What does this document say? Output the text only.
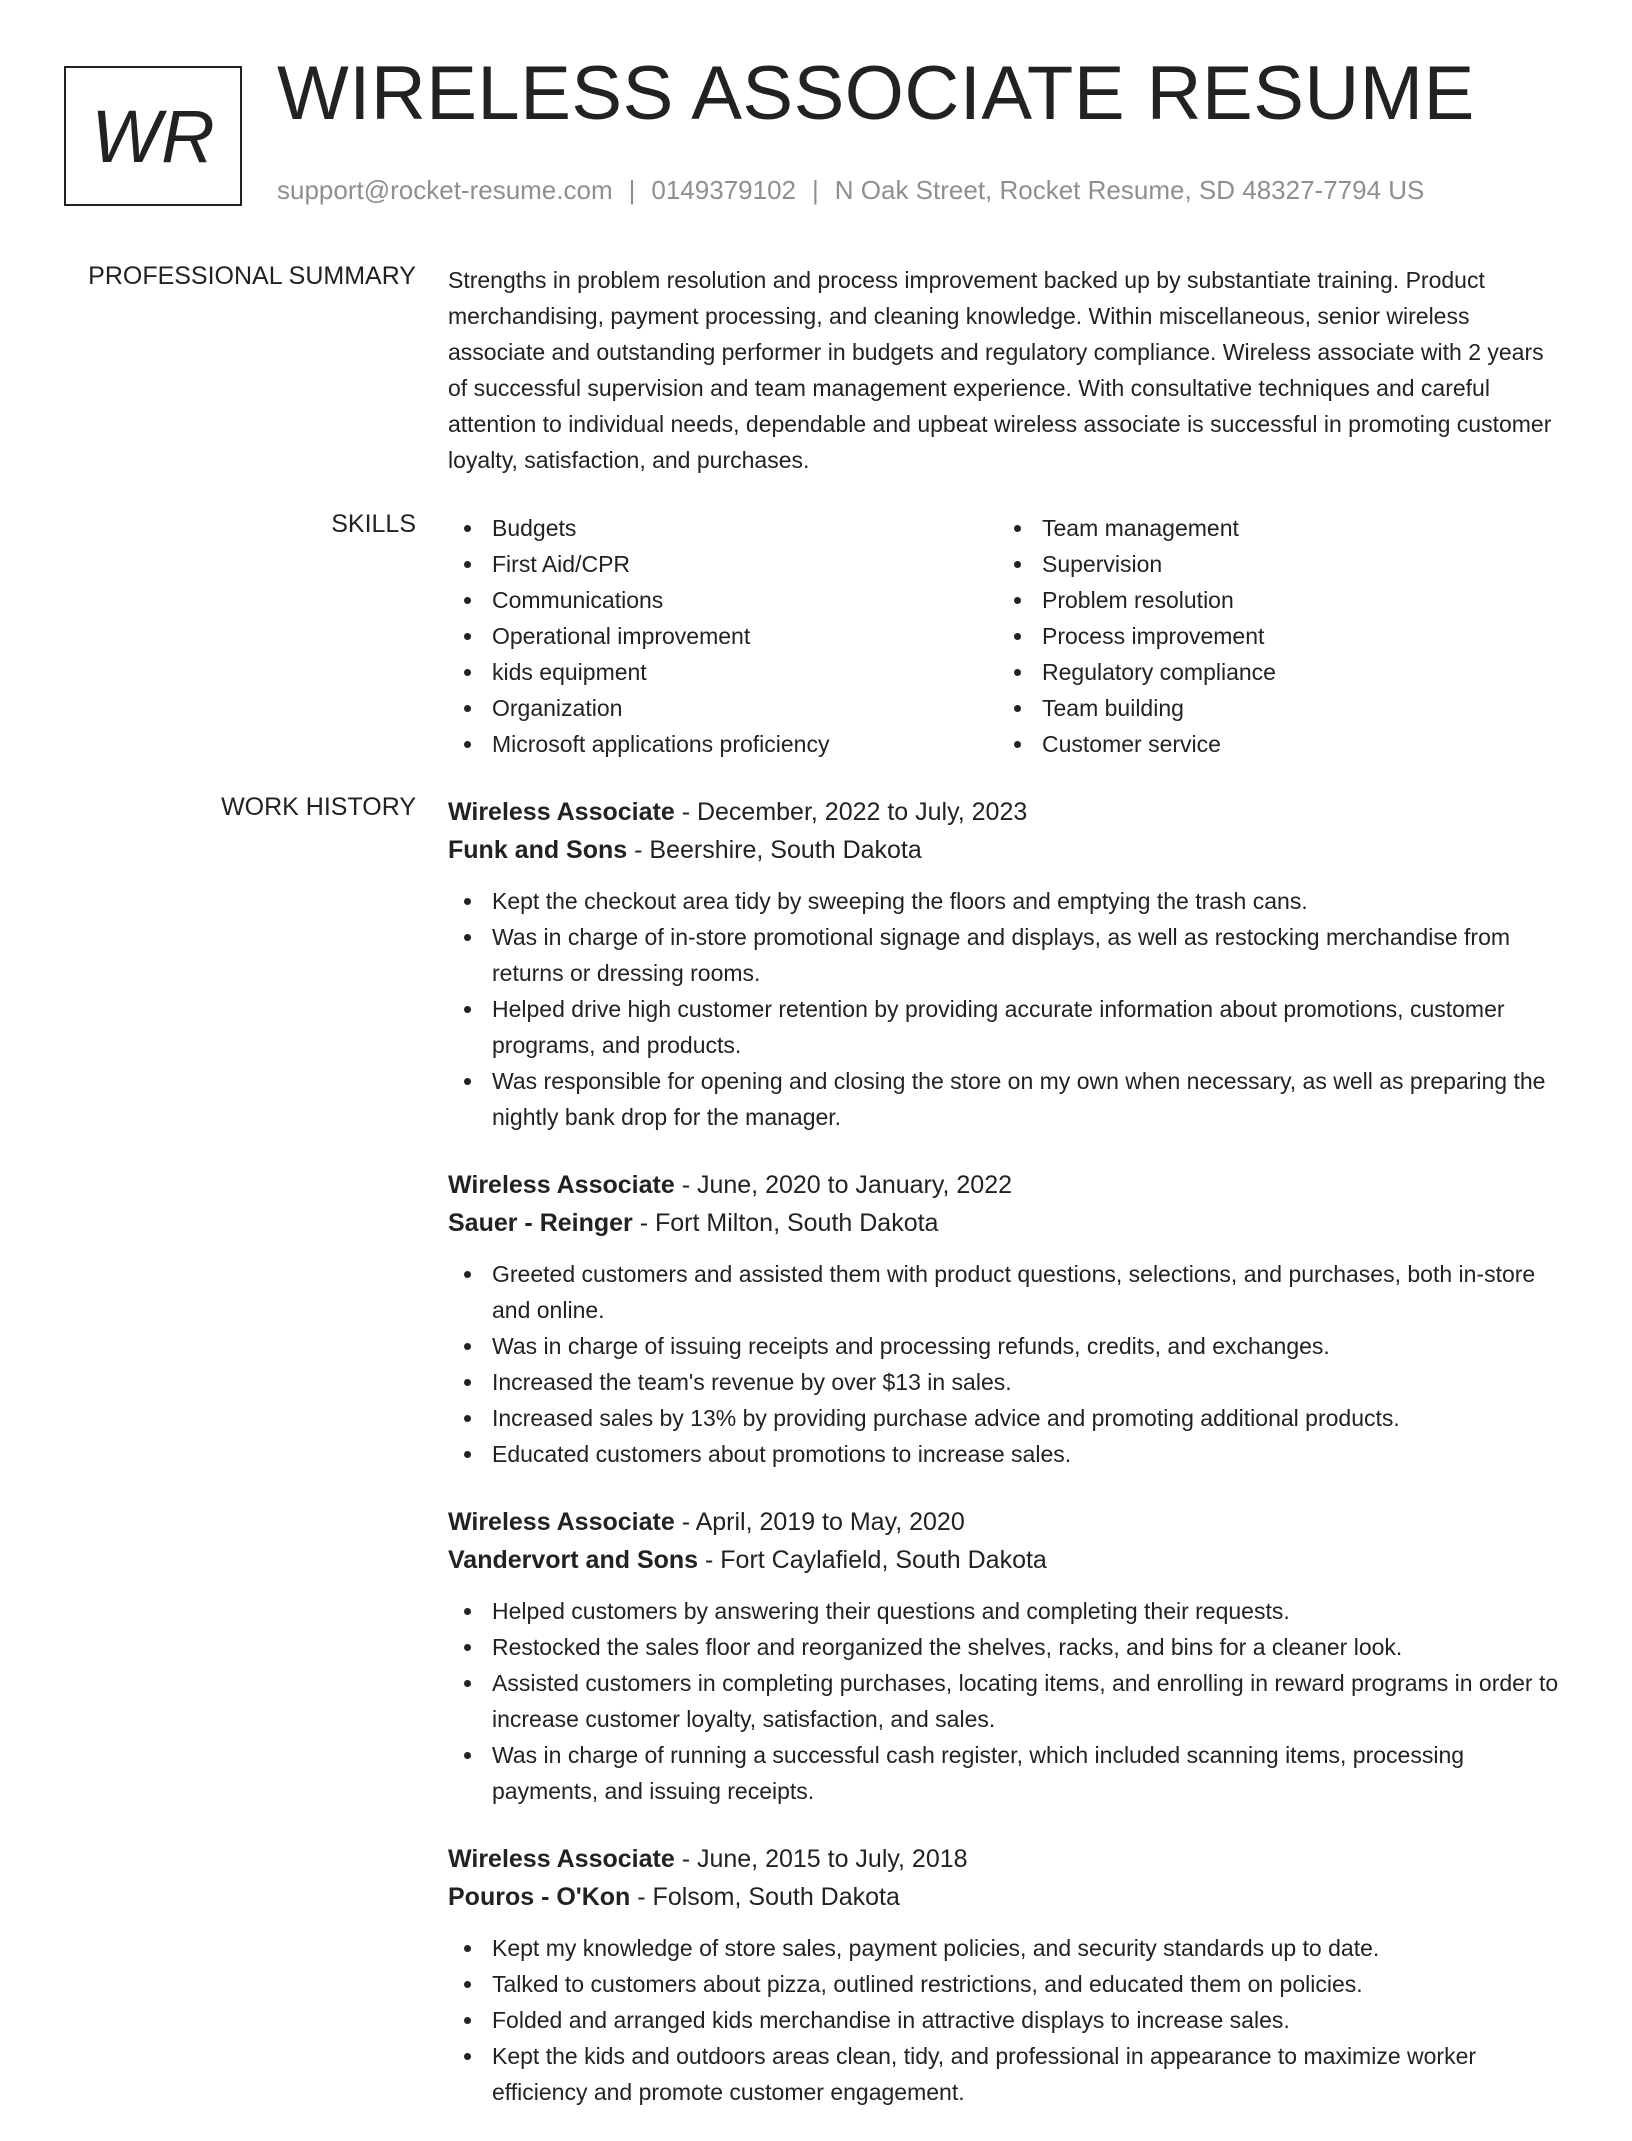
WR WIRELESS ASSOCIATE RESUME
support@rocket-resume.com | 0149379102 | N Oak Street, Rocket Resume, SD 48327-7794 US
PROFESSIONAL SUMMARY Strengths in problem resolution and process improvement backed up by substantiate training. Product merchandising, payment processing, and cleaning knowledge. Within miscellaneous, senior wireless associate and outstanding performer in budgets and regulatory compliance. Wireless associate with 2 years of successful supervision and team management experience. With consultative techniques and careful attention to individual needs, dependable and upbeat wireless associate is successful in promoting customer loyalty, satisfaction, and purchases.

SKILLS	Budgets
First Aid/CPR
Communications
Operational improvement
kids equipment
Organization
Microsoft applications proficiency
Team management
Supervision
Problem resolution
Process improvement
Regulatory compliance
Team building
Customer service
WORK HISTORY Wireless Associate - December, 2022 to July, 2023
Funk and Sons - Beershire, South Dakota
Kept the checkout area tidy by sweeping the floors and emptying the trash cans.
Was in charge of in-store promotional signage and displays, as well as restocking merchandise from returns or dressing rooms.
Helped drive high customer retention by providing accurate information about promotions, customer programs, and products.
Was responsible for opening and closing the store on my own when necessary, as well as preparing the nightly bank drop for the manager.
Wireless Associate - June, 2020 to January, 2022
Sauer - Reinger - Fort Milton, South Dakota
Greeted customers and assisted them with product questions, selections, and purchases, both in-store and online.
Was in charge of issuing receipts and processing refunds, credits, and exchanges.
Increased the team's revenue by over $13 in sales.
Increased sales by 13% by providing purchase advice and promoting additional products.
Educated customers about promotions to increase sales.
Wireless Associate - April, 2019 to May, 2020
Vandervort and Sons - Fort Caylafield, South Dakota
Helped customers by answering their questions and completing their requests.
Restocked the sales floor and reorganized the shelves, racks, and bins for a cleaner look.
Assisted customers in completing purchases, locating items, and enrolling in reward programs in order to increase customer loyalty, satisfaction, and sales.
Was in charge of running a successful cash register, which included scanning items, processing payments, and issuing receipts.
Wireless Associate - June, 2015 to July, 2018
Pouros - O'Kon - Folsom, South Dakota
Kept my knowledge of store sales, payment policies, and security standards up to date.
Talked to customers about pizza, outlined restrictions, and educated them on policies.
Folded and arranged kids merchandise in attractive displays to increase sales.
Kept the kids and outdoors areas clean, tidy, and professional in appearance to maximize worker efficiency and promote customer engagement.
